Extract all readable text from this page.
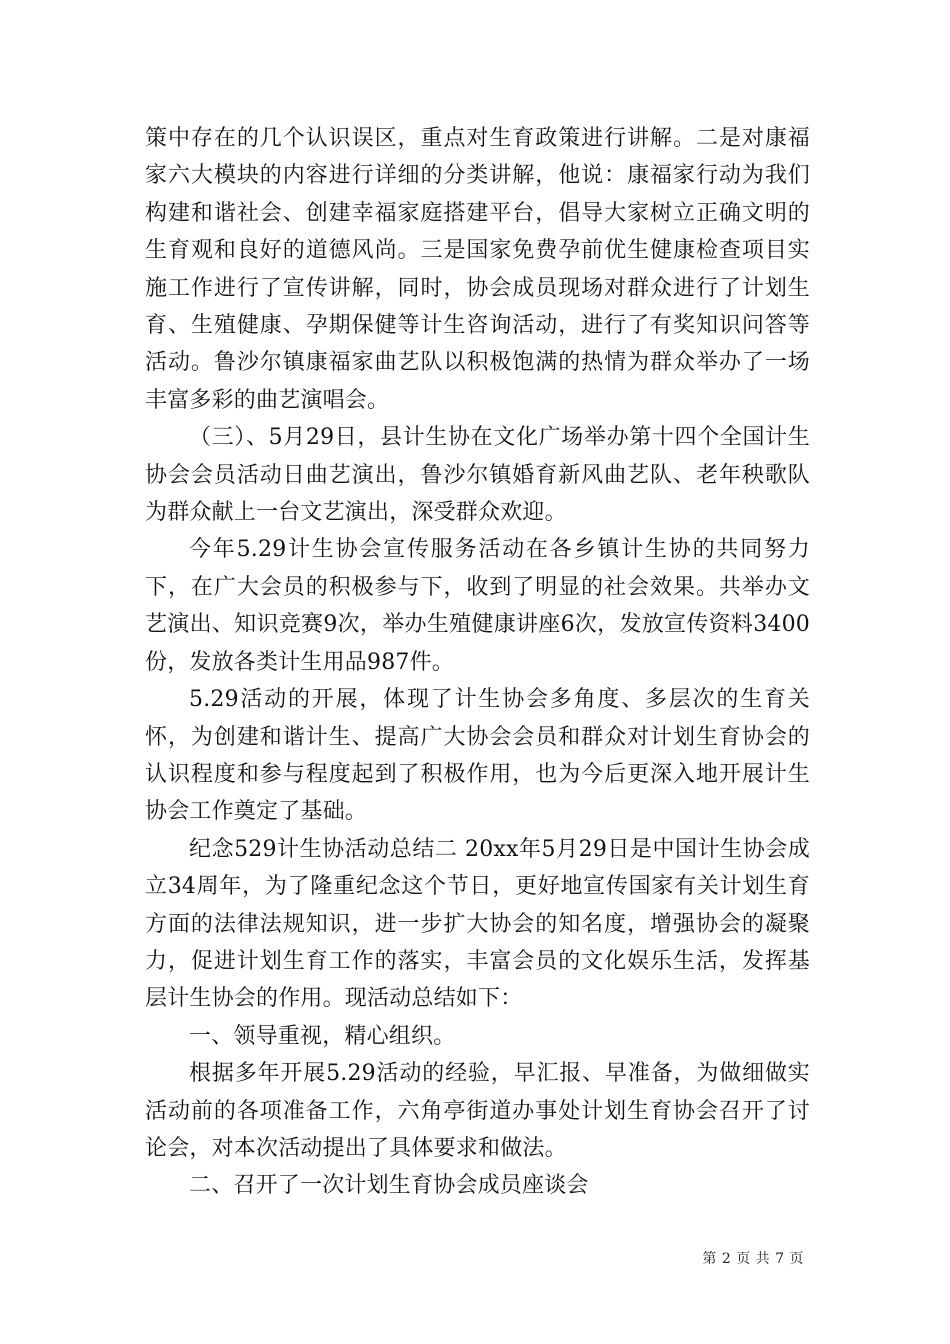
策中存在的几个认识误区，重点对生育政策进行讲解。二是对康福家六大模块的内容进行详细的分类讲解，他说：康福家行动为我们构建和谐社会、创建幸福家庭搭建平台，倡导大家树立正确文明的生育观和良好的道德风尚。三是国家免费孕前优生健康检查项目实施工作进行了宣传讲解，同时，协会成员现场对群众进行了计划生育、生殖健康、孕期保健等计生咨询活动，进行了有奖知识问答等活动。鲁沙尔镇康福家曲艺队以积极饱满的热情为群众举办了一场丰富多彩的曲艺演唱会。

（三）、5月29日，县计生协在文化广场举办第十四个全国计生协会会员活动日曲艺演出，鲁沙尔镇婚育新风曲艺队、老年秧歌队为群众献上一台文艺演出，深受群众欢迎。

今年5.29计生协会宣传服务活动在各乡镇计生协的共同努力下，在广大会员的积极参与下，收到了明显的社会效果。共举办文艺演出、知识竞赛9次，举办生殖健康讲座6次，发放宣传资料3400份，发放各类计生用品987件。

5.29活动的开展，体现了计生协会多角度、多层次的生育关怀，为创建和谐计生、提高广大协会会员和群众对计划生育协会的认识程度和参与程度起到了积极作用，也为今后更深入地开展计生协会工作奠定了基础。

纪念529计生协活动总结二 20xx年5月29日是中国计生协会成立34周年，为了隆重纪念这个节日，更好地宣传国家有关计划生育方面的法律法规知识，进一步扩大协会的知名度，增强协会的凝聚力，促进计划生育工作的落实，丰富会员的文化娱乐生活，发挥基层计生协会的作用。现活动总结如下：

一、领导重视，精心组织。

根据多年开展5.29活动的经验，早汇报、早准备，为做细做实活动前的各项准备工作，六角亭街道办事处计划生育协会召开了讨论会，对本次活动提出了具体要求和做法。

二、召开了一次计划生育协会成员座谈会

第 2 页 共 7 页
